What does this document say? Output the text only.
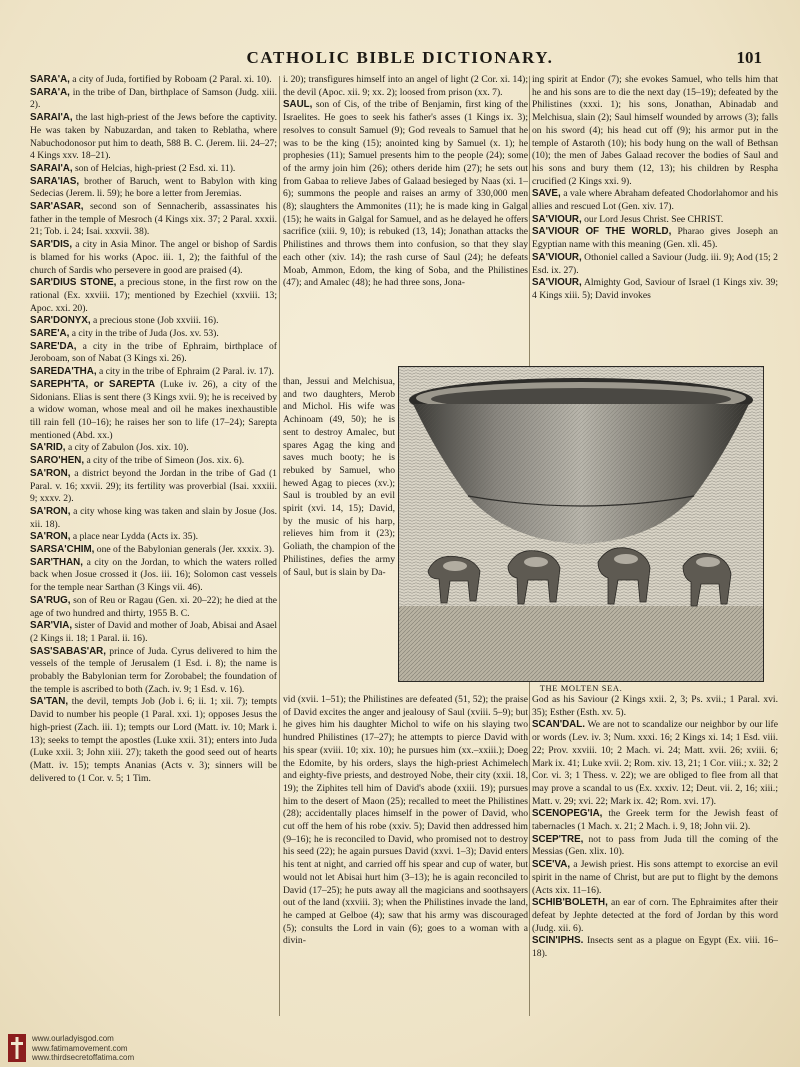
CATHOLIC BIBLE DICTIONARY.	101

SARA'A, a city of Juda, fortified by Roboam (2 Paral. xi. 10).

SARA'A, in the tribe of Dan, birthplace of Samson (Judg. xiii. 2).

SARAI'A, the last high-priest of the Jews before the captivity. He was taken by Nabuzardan, and taken to Reblatha, where Nabuchodonosor put him to death, 588 B. C. (Jerem. lii. 24–27; 4 Kings xxv. 18–21).

SARAI'A, son of Helcias, high-priest (2 Esd. xi. 11).

SARA'IAS, brother of Baruch, went to Babylon with king Sedecias (Jerem. li. 59); he bore a letter from Jeremias.

SAR'ASAR, second son of Sennacherib, assassinates his father in the temple of Mesroch (4 Kings xix. 37; 2 Paral. xxxii. 21; Tob. i. 24; Isai. xxxvii. 38).

SAR'DIS, a city in Asia Minor. The angel or bishop of Sardis is blamed for his works (Apoc. iii. 1, 2); the faithful of the church of Sardis who persevere in good are praised (4).

SAR'DIUS STONE, a precious stone, in the first row on the rational (Ex. xxviii. 17); mentioned by Ezechiel (xxviii. 13; Apoc. xxi. 20).

SAR'DONYX, a precious stone (Job xxviii. 16).

SARE'A, a city in the tribe of Juda (Jos. xv. 53).

SARE'DA, a city in the tribe of Ephraim, birthplace of Jeroboam, son of Nabat (3 Kings xi. 26).

SAREDA'THA, a city in the tribe of Ephraim (2 Paral. iv. 17).

SAREPH'TA, or SAREPTA (Luke iv. 26), a city of the Sidonians. Elias is sent there (3 Kings xvii. 9); he is received by a widow woman, whose meal and oil he makes inexhaustible till rain fell (10–16); he raises her son to life (17–24); Sarepta mentioned (Abd. xx.)

SA'RID, a city of Zabulon (Jos. xix. 10).

SARO'HEN, a city of the tribe of Simeon (Jos. xix. 6).

SA'RON, a district beyond the Jordan in the tribe of Gad (1 Paral. v. 16; xxvii. 29); its fertility was proverbial (Isai. xxxiii. 9; xxxv. 2).

SA'RON, a city whose king was taken and slain by Josue (Jos. xii. 18).

SA'RON, a place near Lydda (Acts ix. 35).

SARSA'CHIM, one of the Babylonian generals (Jer. xxxix. 3).

SAR'THAN, a city on the Jordan, to which the waters rolled back when Josue crossed it (Jos. iii. 16); Solomon cast vessels for the temple near Sarthan (3 Kings vii. 46).

SA'RUG, son of Reu or Ragau (Gen. xi. 20–22); he died at the age of two hundred and thirty, 1955 B. C.

SAR'VIA, sister of David and mother of Joab, Abisai and Asael (2 Kings ii. 18; 1 Paral. ii. 16).

SAS'SABAS'AR, prince of Juda. Cyrus delivered to him the vessels of the temple of Jerusalem (1 Esd. i. 8); the name is probably the Babylonian term for Zorobabel; the foundation of the temple is ascribed to both (Zach. iv. 9; 1 Esd. v. 16).

SA'TAN, the devil, tempts Job (Job i. 6; ii. 1; xii. 7); tempts David to number his people (1 Paral. xxi. 1); opposes Jesus the high-priest (Zach. iii. 1); tempts our Lord (Matt. iv. 10; Mark i. 13); seeks to tempt the apostles (Luke xxii. 31); enters into Juda (Luke xxii. 3; John xiii. 27); taketh the good seed out of hearts (Matt. iv. 15); tempts Ananias (Acts v. 3); sinners will be delivered to (1 Cor. v. 5; 1 Tim.

i. 20); transfigures himself into an angel of light (2 Cor. xi. 14); the devil (Apoc. xii. 9; xx. 2); loosed from prison (xx. 7).

SAUL, son of Cis, of the tribe of Benjamin, first king of the Israelites. He goes to seek his father's asses (1 Kings ix. 3); resolves to consult Samuel (9); God reveals to Samuel that he was to be the king (15); anointed king by Samuel (x. 1); he prophesies (11); Samuel presents him to the people (24); some of the army join him (26); others deride him (27); he sets out from Gabaa to relieve Jabes of Galaad besieged by Naas (xi. 1–6); summons the people and raises an army of 330,000 men (8); slaughters the Ammonites (11); he is made king in Galgal (15); he waits in Galgal for Samuel, and as he delayed he offers sacrifice (xiii. 9, 10); is rebuked (13, 14); Jonathan attacks the Philistines and throws them into confusion, so that they slay each other (xiv. 14); the rash curse of Saul (24); he defeats Moab, Ammon, Edom, the king of Soba, and the Philistines (47); and Amalec (48); he had three sons, Jona-

than, Jessui and Melchisua, and two daughters, Merob and Michol. His wife was Achinoam (49, 50); he is sent to destroy Amalec, but spares Agag the king and saves much booty; he is rebuked by Samuel, who hewed Agag to pieces (xv.); Saul is troubled by an evil spirit (xvi. 14, 15); David, by the music of his harp, relieves him from it (23); Goliath, the champion of the Philistines, defies the army of Saul, but is slain by Da-
THE MOLTEN SEA.
vid (xvii. 1–51); the Philistines are defeated (51, 52); the praise of David excites the anger and jealousy of Saul (xviii. 5–9); but he gives him his daughter Michol to wife on his slaying two hundred Philistines (17–27); he attempts to pierce David with his spear (xviii. 10; xix. 10); he pursues him (xx.–xxiii.); Doeg the Edomite, by his orders, slays the high-priest Achimelech and eighty-five priests, and destroyed Nobe, their city (xxii. 18, 19); the Ziphites tell him of David's abode (xxiii. 19); pursues him to the desert of Maon (25); recalled to meet the Philistines (28); accidentally places himself in the power of David, who cut off the hem of his robe (xxiv. 5); David then addressed him (9–16); he is reconciled to David, who promised not to destroy his seed (22); he again pursues David (xxvi. 1–3); David enters his tent at night, and carried off his spear and cup of water, but would not let Abisai hurt him (3–13); he is again reconciled to David (17–25); he puts away all the magicians and soothsayers out of the land (xxviii. 3); when the Philistines invade the land, he camped at Gelboe (4); saw that his army was discouraged (5); consults the Lord in vain (6); goes to a woman with a divin-

ing spirit at Endor (7); she evokes Samuel, who tells him that he and his sons are to die the next day (15–19); defeated by the Philistines (xxxi. 1); his sons, Jonathan, Abinadab and Melchisua, slain (2); Saul himself wounded by arrows (3); falls on his sword (4); his head cut off (9); his armor put in the temple of Astaroth (10); his body hung on the wall of Bethsan (10); the men of Jabes Galaad recover the bodies of Saul and his sons and bury them (12, 13); his children by Respha crucified (2 Kings xxi. 9).

SAVE, a vale where Abraham defeated Chodorlahomor and his allies and rescued Lot (Gen. xiv. 17).

SA'VIOUR, our Lord Jesus Christ. See CHRIST.

SA'VIOUR OF THE WORLD, Pharao gives Joseph an Egyptian name with this meaning (Gen. xli. 45).

SA'VIOUR, Othoniel called a Saviour (Judg. iii. 9); Aod (15; 2 Esd. ix. 27).

SA'VIOUR, Almighty God, Saviour of Israel (1 Kings xiv. 39; 4 Kings xiii. 5); David invokes

God as his Saviour (2 Kings xxii. 2, 3; Ps. xvii.; 1 Paral. xvi. 35); Esther (Esth. xv. 5).

SCAN'DAL. We are not to scandalize our neighbor by our life or words (Lev. iv. 3; Num. xxxi. 16; 2 Kings xi. 14; 1 Esd. viii. 22; Prov. xxviii. 10; 2 Mach. vi. 24; Matt. xvii. 26; xviii. 6; Mark ix. 41; Luke xvii. 2; Rom. xiv. 13, 21; 1 Cor. viii.; x. 32; 2 Cor. vi. 3; 1 Thess. v. 22); we are obliged to flee from all that may prove a scandal to us (Ex. xxxiv. 12; Deut. vii. 2, 16; xiii.; Matt. v. 29; xvi. 22; Mark ix. 42; Rom. xvi. 17).

SCENOPEG'IA, the Greek term for the Jewish feast of tabernacles (1 Mach. x. 21; 2 Mach. i. 9, 18; John vii. 2).

SCEP'TRE, not to pass from Juda till the coming of the Messias (Gen. xlix. 10).

SCE'VA, a Jewish priest. His sons attempt to exorcise an evil spirit in the name of Christ, but are put to flight by the demons (Acts xix. 11–16).

SCHIB'BOLETH, an ear of corn. The Ephraimites after their defeat by Jephte detected at the ford of Jordan by this word (Judg. xii. 6).

SCIN'IPHS. Insects sent as a plague on Egypt (Ex. viii. 16–18).

www.ourladyisgod.com
www.fatimamovement.com
www.thirdsecretoffatima.com
